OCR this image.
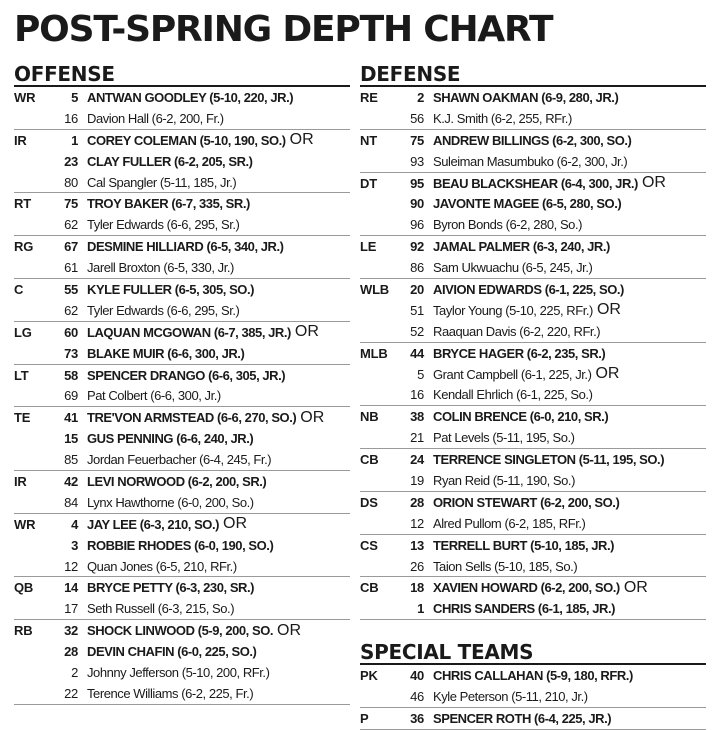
POST-SPRING DEPTH CHART
OFFENSE
WR	5 ANTWAN GOODLEY (5-10, 220, JR.)
16 Davion Hall (6-2, 200, Fr.)
IR	1 COREY COLEMAN (5-10, 190, SO.) OR
23 CLAY FULLER (6-2, 205, SR.)
80 Cal Spangler (5-11, 185, Jr.)
RT	75 TROY BAKER (6-7, 335, SR.)
62 Tyler Edwards (6-6, 295, Sr.)
RG	67 DESMINE HILLIARD (6-5, 340, JR.)
61 Jarell Broxton (6-5, 330, Jr.)
C	55 KYLE FULLER (6-5, 305, SO.)
62 Tyler Edwards (6-6, 295, Sr.)
LG	60 LAQUAN MCGOWAN (6-7, 385, JR.) OR
73 BLAKE MUIR (6-6, 300, JR.)
LT	58 SPENCER DRANGO (6-6, 305, JR.)
69 Pat Colbert (6-6, 300, Jr.)
TE	41 TRE'VON ARMSTEAD (6-6, 270, SO.) OR
15 GUS PENNING (6-6, 240, JR.)
85 Jordan Feuerbacher (6-4, 245, Fr.)
IR	42 LEVI NORWOOD (6-2, 200, SR.)
84 Lynx Hawthorne (6-0, 200, So.)
WR	4 JAY LEE (6-3, 210, SO.) OR
3 ROBBIE RHODES (6-0, 190, SO.)
12 Quan Jones (6-5, 210, RFr.)
QB	14 BRYCE PETTY (6-3, 230, SR.)
17 Seth Russell (6-3, 215, So.)
RB	32 SHOCK LINWOOD (5-9, 200, SO. OR
28 DEVIN CHAFIN (6-0, 225, SO.)
2 Johnny Jefferson (5-10, 200, RFr.)
22 Terence Williams (6-2, 225, Fr.)
DEFENSE
RE	2 SHAWN OAKMAN (6-9, 280, JR.)
56 K.J. Smith (6-2, 255, RFr.)
NT	75 ANDREW BILLINGS (6-2, 300, SO.)
93 Suleiman Masumbuko (6-2, 300, Jr.)
DT	95 BEAU BLACKSHEAR (6-4, 300, JR.) OR
90 JAVONTE MAGEE (6-5, 280, SO.)
96 Byron Bonds (6-2, 280, So.)
LE	92 JAMAL PALMER (6-3, 240, JR.)
86 Sam Ukwuachu (6-5, 245, Jr.)
WLB	20 AIVION EDWARDS (6-1, 225, SO.)
51 Taylor Young (5-10, 225, RFr.) OR
52 Raaquan Davis (6-2, 220, RFr.)
MLB	44 BRYCE HAGER (6-2, 235, SR.)
5 Grant Campbell (6-1, 225, Jr.) OR
16 Kendall Ehrlich (6-1, 225, So.)
NB	38 COLIN BRENCE (6-0, 210, SR.)
21 Pat Levels (5-11, 195, So.)
CB	24 TERRENCE SINGLETON (5-11, 195, SO.)
19 Ryan Reid (5-11, 190, So.)
DS	28 ORION STEWART (6-2, 200, SO.)
12 Alred Pullom (6-2, 185, RFr.)
CS	13 TERRELL BURT (5-10, 185, JR.)
26 Taion Sells (5-10, 185, So.)
CB	18 XAVIEN HOWARD (6-2, 200, SO.) OR
1 CHRIS SANDERS (6-1, 185, JR.)
SPECIAL TEAMS
PK	40 CHRIS CALLAHAN (5-9, 180, RFR.)
46 Kyle Peterson (5-11, 210, Jr.)
P	36 SPENCER ROTH (6-4, 225, JR.)
